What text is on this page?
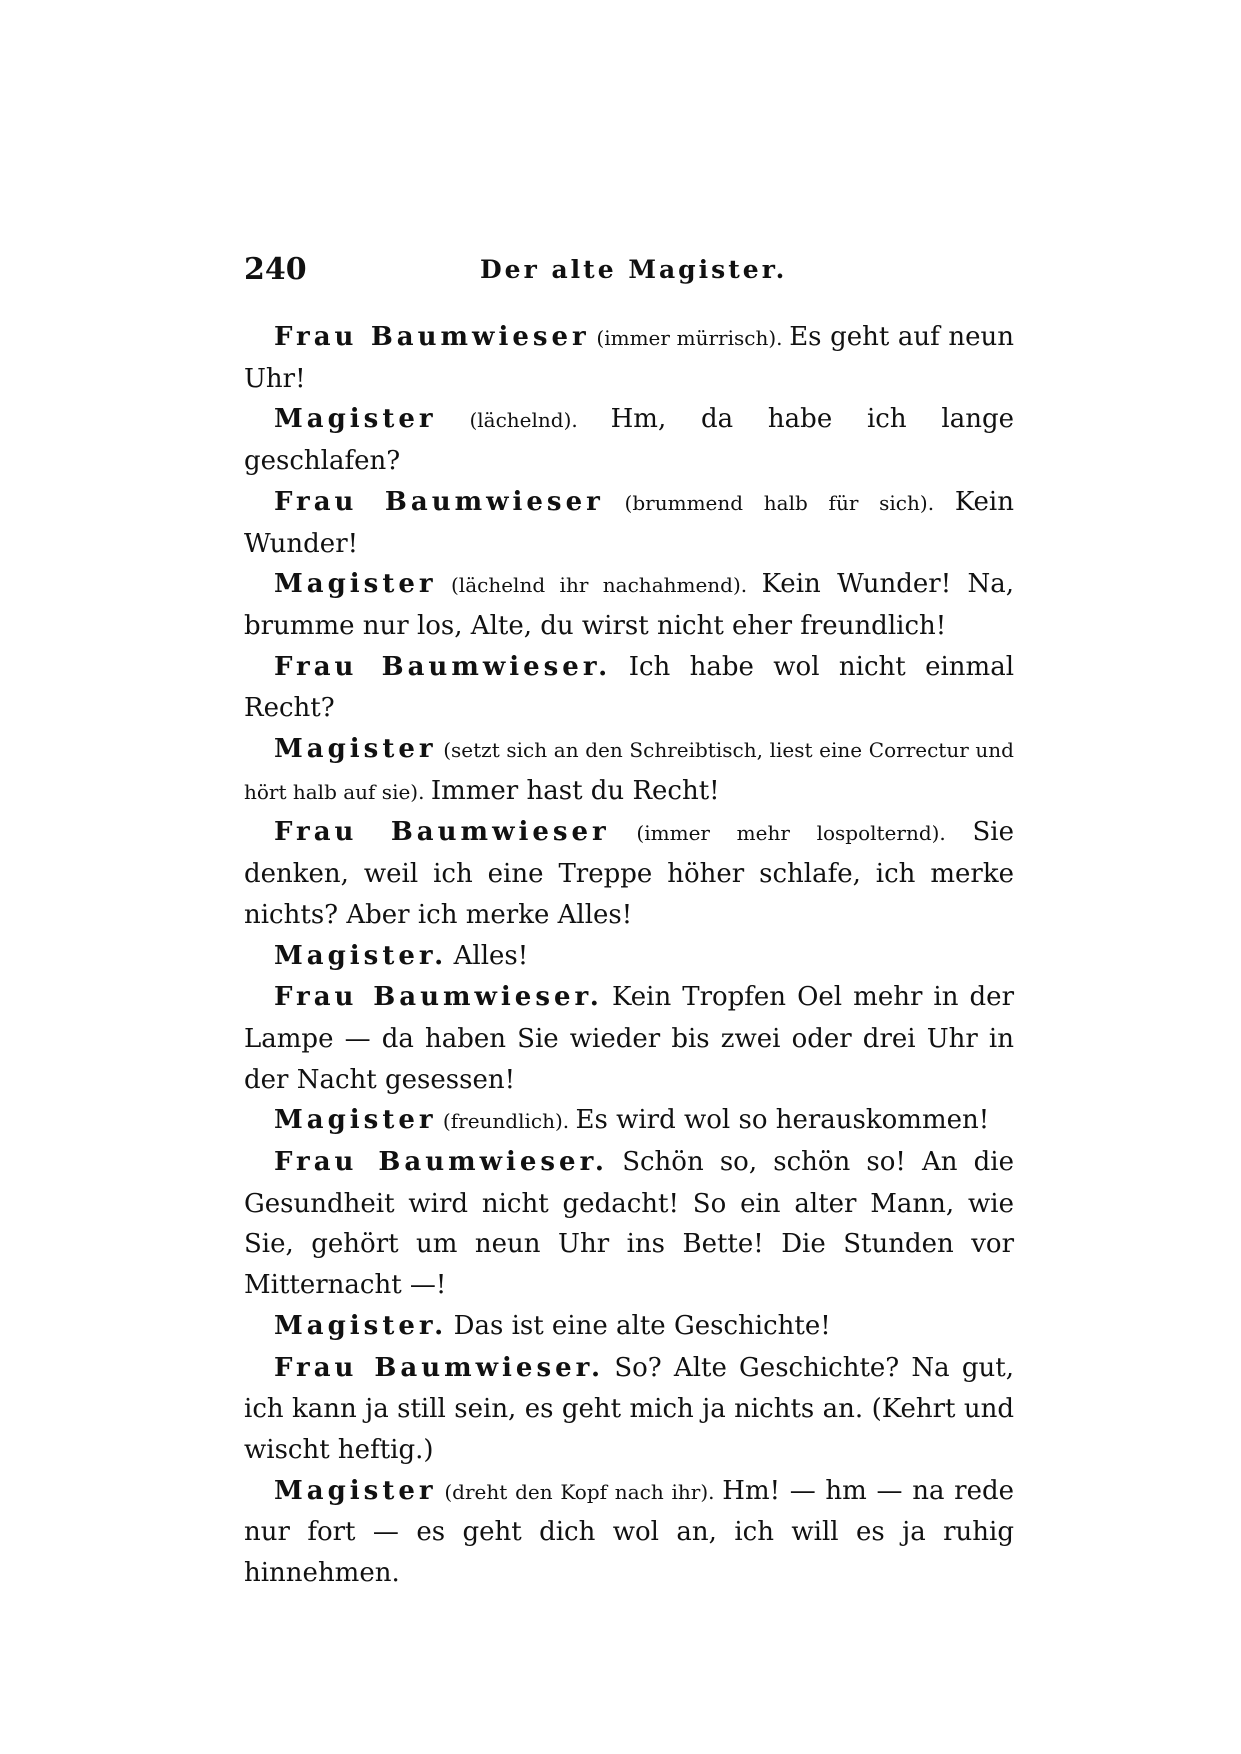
240	Der alte Magister.

Frau Baumwieser (immer mürrisch). Es geht auf neun Uhr!

Magister (lächelnd). Hm, da habe ich lange geschlafen?

Frau Baumwieser (brummend halb für sich). Kein Wunder!

Magister (lächelnd ihr nachahmend). Kein Wunder! Na, brumme nur los, Alte, du wirst nicht eher freundlich!

Frau Baumwieser. Ich habe wol nicht einmal Recht?

Magister (setzt sich an den Schreibtisch, liest eine Correctur und hört halb auf sie). Immer hast du Recht!

Frau Baumwieser (immer mehr lospolternd). Sie denken, weil ich eine Treppe höher schlafe, ich merke nichts? Aber ich merke Alles!

Magister. Alles!

Frau Baumwieser. Kein Tropfen Oel mehr in der Lampe — da haben Sie wieder bis zwei oder drei Uhr in der Nacht gesessen!

Magister (freundlich). Es wird wol so herauskommen!

Frau Baumwieser. Schön so, schön so! An die Gesundheit wird nicht gedacht! So ein alter Mann, wie Sie, gehört um neun Uhr ins Bette! Die Stunden vor Mitternacht —!

Magister. Das ist eine alte Geschichte!

Frau Baumwieser. So? Alte Geschichte? Na gut, ich kann ja still sein, es geht mich ja nichts an. (Kehrt und wischt heftig.)

Magister (dreht den Kopf nach ihr). Hm! — hm — na rede nur fort — es geht dich wol an, ich will es ja ruhig hinnehmen.
